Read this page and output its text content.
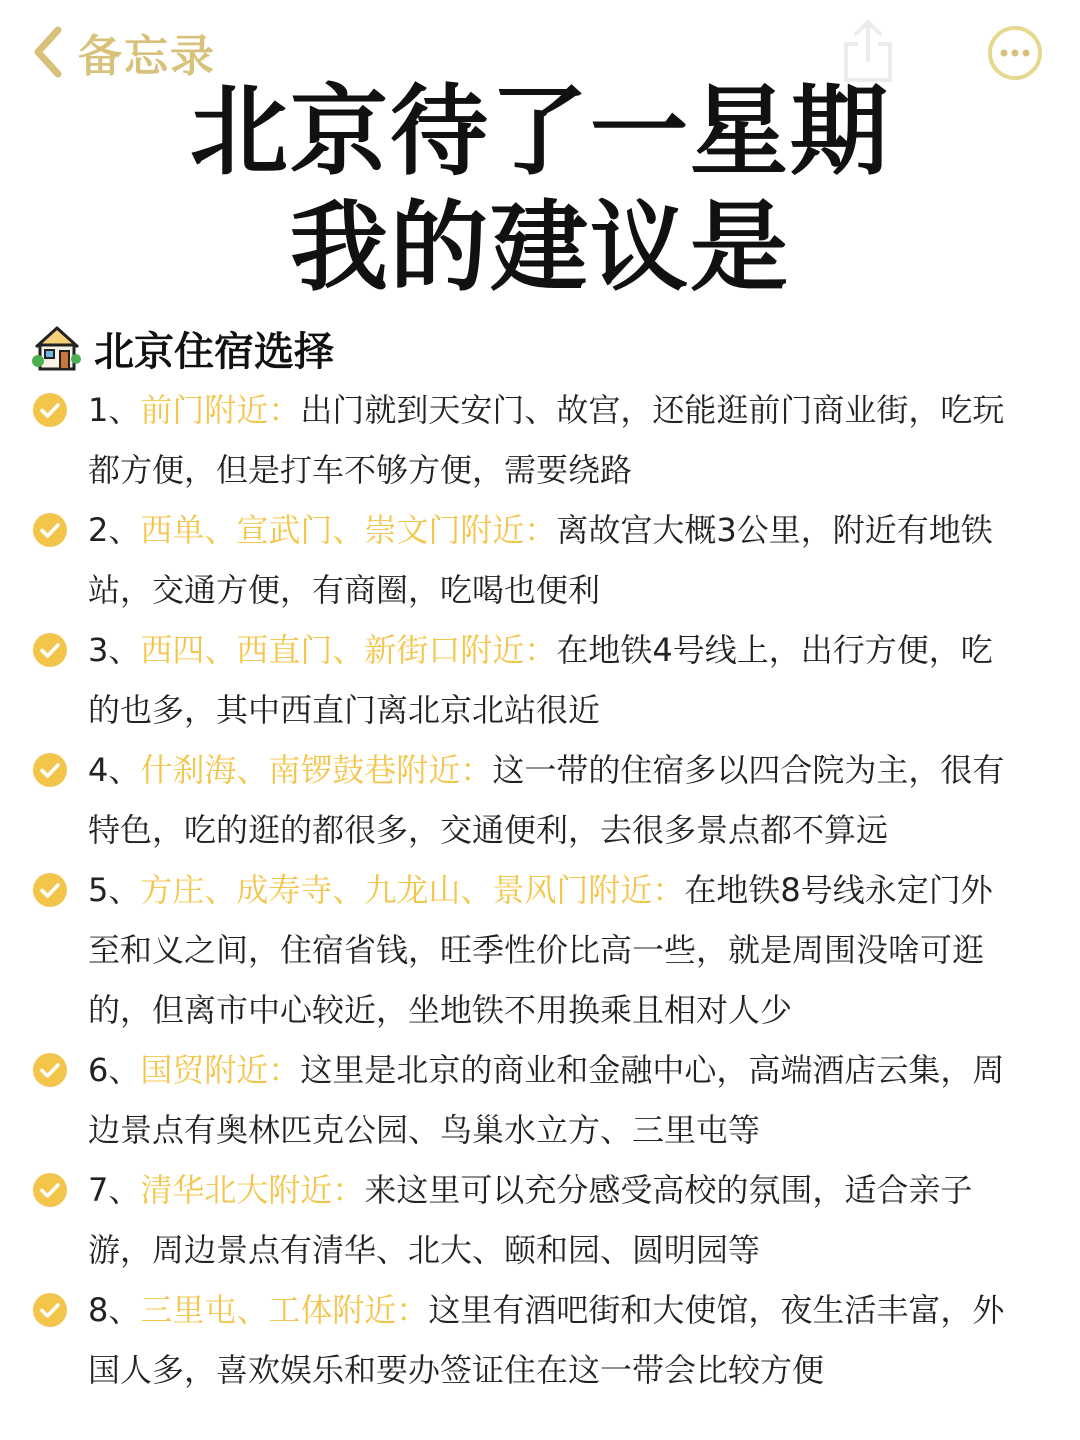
备忘录
北京待了一星期
我的建议是
北京住宿选择
1、前门附近：出门就到天安门、故宫，还能逛前门商业街，吃玩都方便，但是打车不够方便，需要绕路
2、西单、宣武门、崇文门附近：离故宫大概3公里，附近有地铁站，交通方便，有商圈，吃喝也便利
3、西四、西直门、新街口附近：在地铁4号线上，出行方便，吃的也多，其中西直门离北京北站很近
4、什刹海、南锣鼓巷附近：这一带的住宿多以四合院为主，很有特色，吃的逛的都很多，交通便利，去很多景点都不算远
5、方庄、成寿寺、九龙山、景风门附近：在地铁8号线永定门外至和义之间，住宿省钱，旺季性价比高一些，就是周围没啥可逛的，但离市中心较近，坐地铁不用换乘且相对人少
6、国贸附近：这里是北京的商业和金融中心，高端酒店云集，周边景点有奥林匹克公园、鸟巢水立方、三里屯等
7、清华北大附近：来这里可以充分感受高校的氛围，适合亲子游，周边景点有清华、北大、颐和园、圆明园等
8、三里屯、工体附近：这里有酒吧街和大使馆，夜生活丰富，外国人多，喜欢娱乐和要办签证住在这一带会比较方便
